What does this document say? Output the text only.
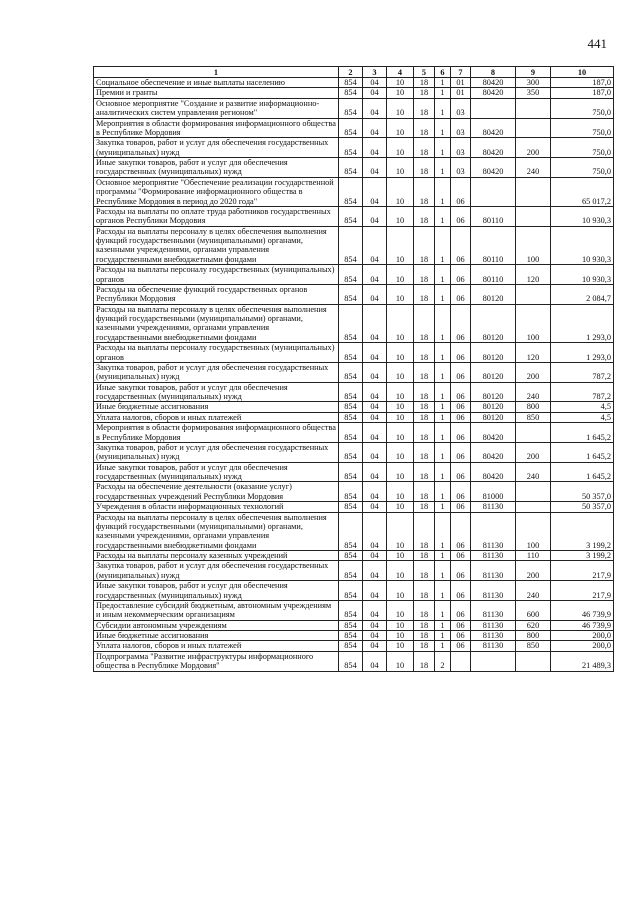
441
1	2	3	4	5	6	7	8	9	10
Социальное обеспечение и иные выплаты населению	854	04	10	18	1	01	80420	300	187,0
Премии и гранты	854	04	10	18	1	01	80420	350	187,0
Основное мероприятие "Создание и развитие информационно-аналитических систем управления регионом"	854	04	10	18	1	03			750,0
Мероприятия в области формирования информационного общества в Республике Мордовия	854	04	10	18	1	03	80420		750,0
Закупка товаров, работ и услуг для обеспечения государственных (муниципальных) нужд	854	04	10	18	1	03	80420	200	750,0
Иные закупки товаров, работ и услуг для обеспечения государственных (муниципальных) нужд	854	04	10	18	1	03	80420	240	750,0
Основное мероприятие "Обеспечение реализации государственной программы "Формирование информационного общества в Республике Мордовия в период до 2020 года"	854	04	10	18	1	06			65 017,2
Расходы на выплаты по оплате труда работников государственных органов Республики Мордовия	854	04	10	18	1	06	80110		10 930,3
Расходы на выплаты персоналу в целях обеспечения выполнения функций государственными (муниципальными) органами, казенными учреждениями, органами управления государственными внебюджетными фондами	854	04	10	18	1	06	80110	100	10 930,3
Расходы на выплаты персоналу государственных (муниципальных) органов	854	04	10	18	1	06	80110	120	10 930,3
Расходы на обеспечение функций государственных органов Республики Мордовия	854	04	10	18	1	06	80120		2 084,7
Расходы на выплаты персоналу в целях обеспечения выполнения функций государственными (муниципальными) органами, казенными учреждениями, органами управления государственными внебюджетными фондами	854	04	10	18	1	06	80120	100	1 293,0
Расходы на выплаты персоналу государственных (муниципальных) органов	854	04	10	18	1	06	80120	120	1 293,0
Закупка товаров, работ и услуг для обеспечения государственных (муниципальных) нужд	854	04	10	18	1	06	80120	200	787,2
Иные закупки товаров, работ и услуг для обеспечения государственных (муниципальных) нужд	854	04	10	18	1	06	80120	240	787,2
Иные бюджетные ассигнования	854	04	10	18	1	06	80120	800	4,5
Уплата налогов, сборов и иных платежей	854	04	10	18	1	06	80120	850	4,5
Мероприятия в области формирования информационного общества в Республике Мордовия	854	04	10	18	1	06	80420		1 645,2
Закупка товаров, работ и услуг для обеспечения государственных (муниципальных) нужд	854	04	10	18	1	06	80420	200	1 645,2
Иные закупки товаров, работ и услуг для обеспечения государственных (муниципальных) нужд	854	04	10	18	1	06	80420	240	1 645,2
Расходы на обеспечение деятельности (оказание услуг) государственных учреждений Республики Мордовия	854	04	10	18	1	06	81000		50 357,0
Учреждения в области информационных технологий	854	04	10	18	1	06	81130		50 357,0
Расходы на выплаты персоналу в целях обеспечения выполнения функций государственными (муниципальными) органами, казенными учреждениями, органами управления государственными внебюджетными фондами	854	04	10	18	1	06	81130	100	3 199,2
Расходы на выплаты персоналу казенных учреждений	854	04	10	18	1	06	81130	110	3 199,2
Закупка товаров, работ и услуг для обеспечения государственных (муниципальных) нужд	854	04	10	18	1	06	81130	200	217,9
Иные закупки товаров, работ и услуг для обеспечения государственных (муниципальных) нужд	854	04	10	18	1	06	81130	240	217,9
Предоставление субсидий бюджетным, автономным учреждениям и иным некоммерческим организациям	854	04	10	18	1	06	81130	600	46 739,9
Субсидии автономным учреждениям	854	04	10	18	1	06	81130	620	46 739,9
Иные бюджетные ассигнования	854	04	10	18	1	06	81130	800	200,0
Уплата налогов, сборов и иных платежей	854	04	10	18	1	06	81130	850	200,0
Подпрограмма "Развитие инфраструктуры информационного общества в Республике Мордовия"	854	04	10	18	2				21 489,3
